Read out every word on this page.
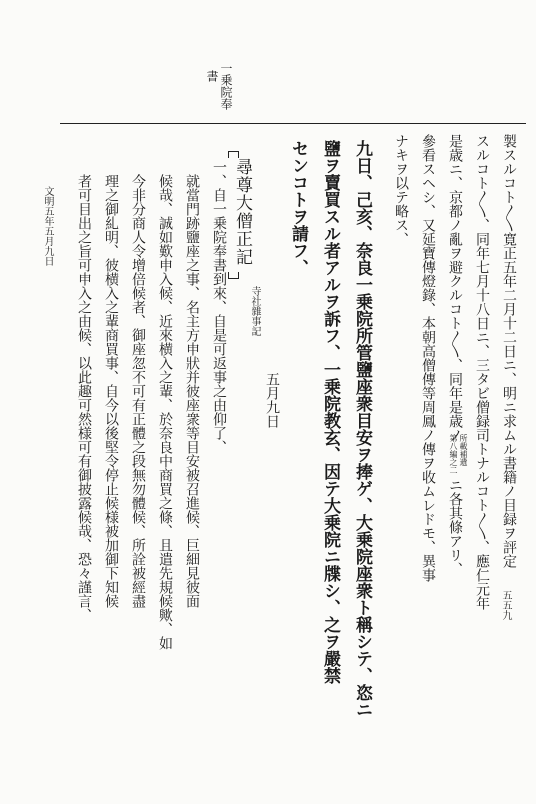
一乗院奉
書
製スルコト〳〵寛正五年二月十二日ニ、明ニ求ムル書籍ノ目録ヲ評定
スルコト〳〵、同年七月十八日ニ、三タビ僧録司トナルコト〳〵、應仁元年
是歳ニ、京都ノ亂ヲ避クルコト〳〵、同年是歳ノ
第八編之二 所載補遺
ニ各其條アリ、
參看スヘシ、又延寶傳燈錄、本朝高僧傳等周鳳ノ傳ヲ收ムレドモ、異事
ナキヲ以テ略ス、
九日、己亥、奈良一乗院所管鹽座衆目安ヲ捧ゲ、大乗院座衆ト稱シテ、恣ニ
鹽ヲ賣買スル者アルヲ訴フ、一乗院教玄、因テ大乗院ニ牒シ、之ヲ嚴禁
センコトヲ請フ、
尋尊大僧正記
寺社雜事記
五月九日
一、自一乗院奉書到來、自是可返事之由仰了、
就當門跡鹽座之事、名主方申狀并彼座衆等目安被召進候、巨細見彼面
候哉、誠如歎申入候、近來横入之輩、於奈良中商買之條、且遣先規候歟、如
今非分商人令增倍候者、御座忽不可有正體之段無勿體候、所詮被經盡
理之御糺明、彼横入之輩商買事、自今以後堅令停止候様被加御下知候
者可目出之旨可申入之由候、以此趣可然様可有御披露候哉、恐々謹言、
文明五年五月九日
五五九
